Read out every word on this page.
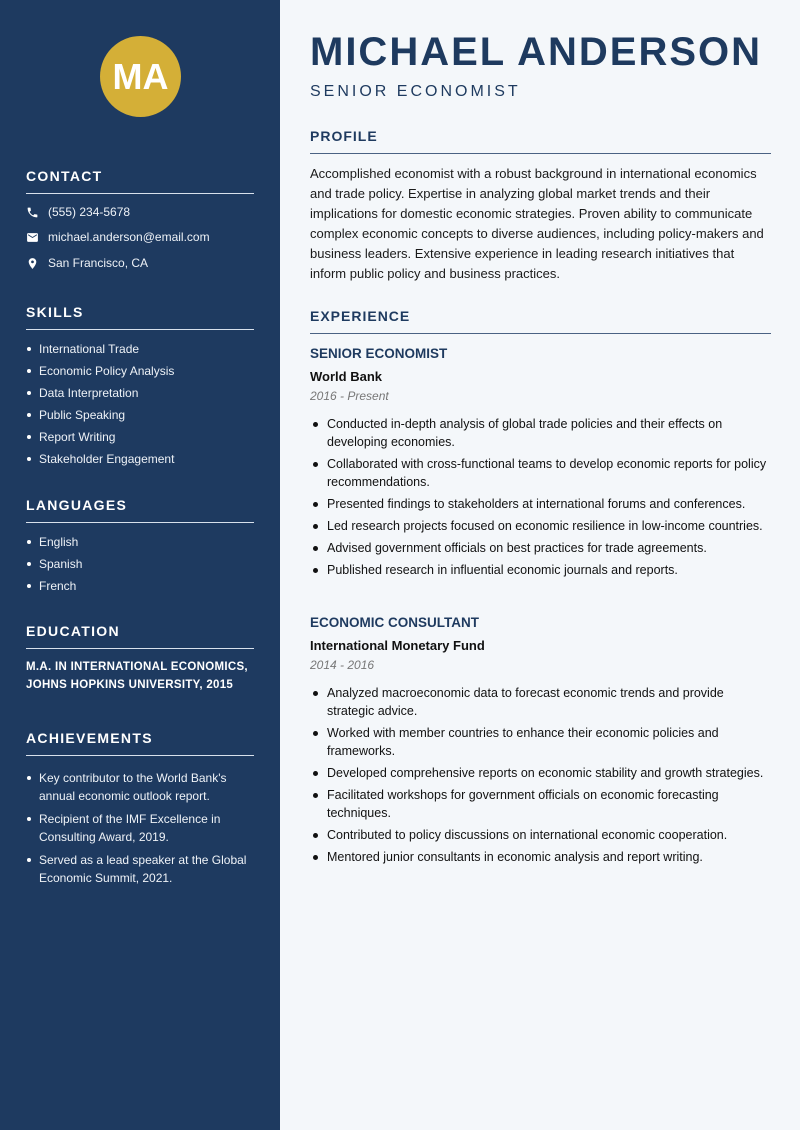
MA
CONTACT
(555) 234-5678
michael.anderson@email.com
San Francisco, CA
SKILLS
International Trade
Economic Policy Analysis
Data Interpretation
Public Speaking
Report Writing
Stakeholder Engagement
LANGUAGES
English
Spanish
French
EDUCATION
M.A. IN INTERNATIONAL ECONOMICS, JOHNS HOPKINS UNIVERSITY, 2015
ACHIEVEMENTS
Key contributor to the World Bank's annual economic outlook report.
Recipient of the IMF Excellence in Consulting Award, 2019.
Served as a lead speaker at the Global Economic Summit, 2021.
MICHAEL ANDERSON
SENIOR ECONOMIST
PROFILE
Accomplished economist with a robust background in international economics and trade policy. Expertise in analyzing global market trends and their implications for domestic economic strategies. Proven ability to communicate complex economic concepts to diverse audiences, including policy-makers and business leaders. Extensive experience in leading research initiatives that inform public policy and business practices.
EXPERIENCE
SENIOR ECONOMIST
World Bank
2016 - Present
Conducted in-depth analysis of global trade policies and their effects on developing economies.
Collaborated with cross-functional teams to develop economic reports for policy recommendations.
Presented findings to stakeholders at international forums and conferences.
Led research projects focused on economic resilience in low-income countries.
Advised government officials on best practices for trade agreements.
Published research in influential economic journals and reports.
ECONOMIC CONSULTANT
International Monetary Fund
2014 - 2016
Analyzed macroeconomic data to forecast economic trends and provide strategic advice.
Worked with member countries to enhance their economic policies and frameworks.
Developed comprehensive reports on economic stability and growth strategies.
Facilitated workshops for government officials on economic forecasting techniques.
Contributed to policy discussions on international economic cooperation.
Mentored junior consultants in economic analysis and report writing.
